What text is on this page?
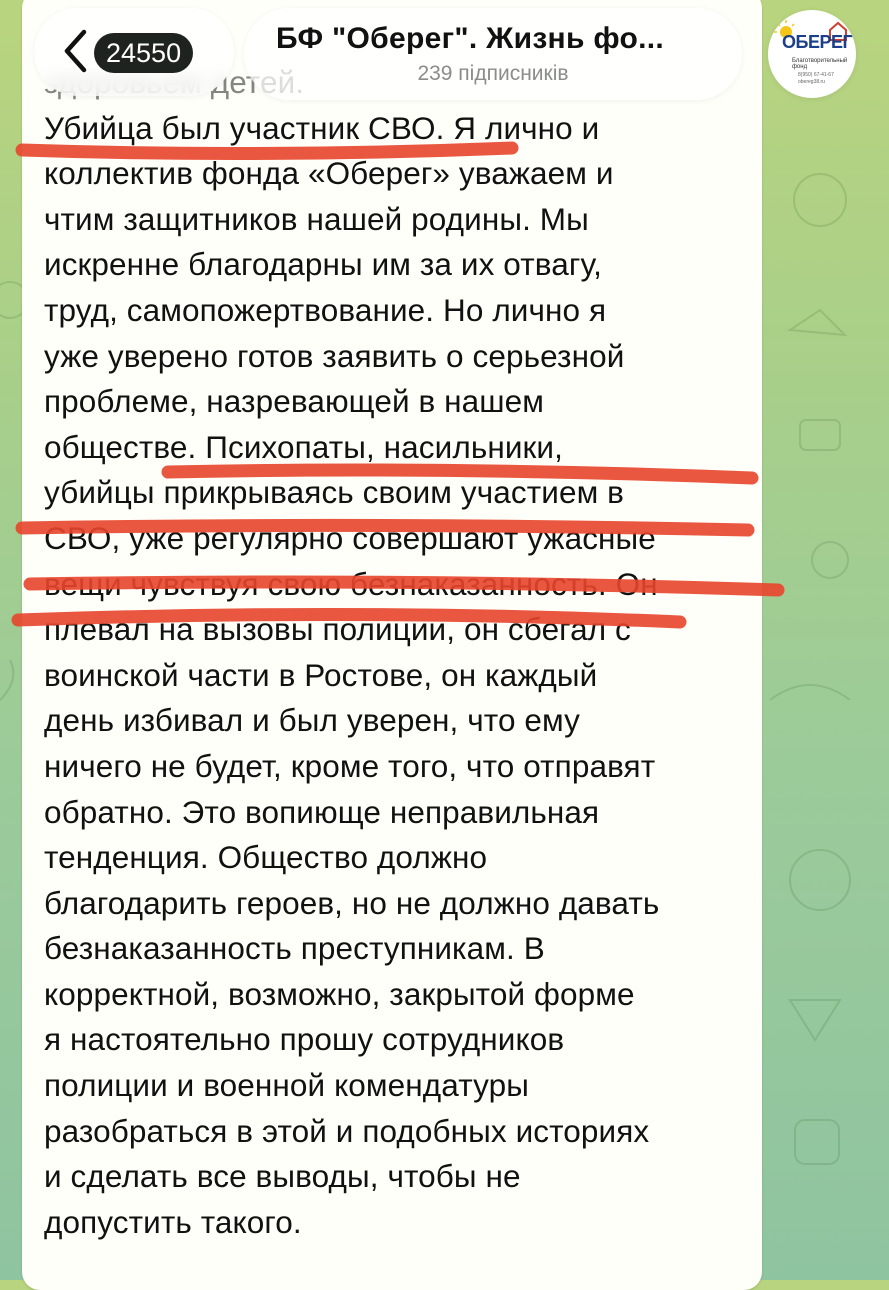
Убийца был участник СВО. Я лично и
коллектив фонда «Оберег» уважаем и
чтим защитников нашей родины. Мы
искренне благодарны им за их отвагу,
труд, самопожертвование. Но лично я
уже уверено готов заявить о серьезной
проблеме, назревающей в нашем
обществе. Психопаты, насильники,
убийцы прикрываясь своим участием в
СВО, уже регулярно совершают ужасные
вещи чувствуя свою безнаказанность. Он
плевал на вызовы полиции, он сбегал с
воинской части в Ростове, он каждый
день избивал и был уверен, что ему
ничего не будет, кроме того, что отправят
обратно. Это вопиюще неправильная
тенденция. Общество должно
благодарить героев, но не должно давать
безнаказанность преступникам. В
корректной, возможно, закрытой форме
я настоятельно прошу сотрудников
полиции и военной комендатуры
разобраться в этой и подобных историях
и сделать все выводы, чтобы не
допустить такого.
24550	БФ "Оберег". Жизнь фо...
239 підписників
ОБЕРЕГ
Благотворительный фонд
8(950) 67-41-67
obereg38.ru
